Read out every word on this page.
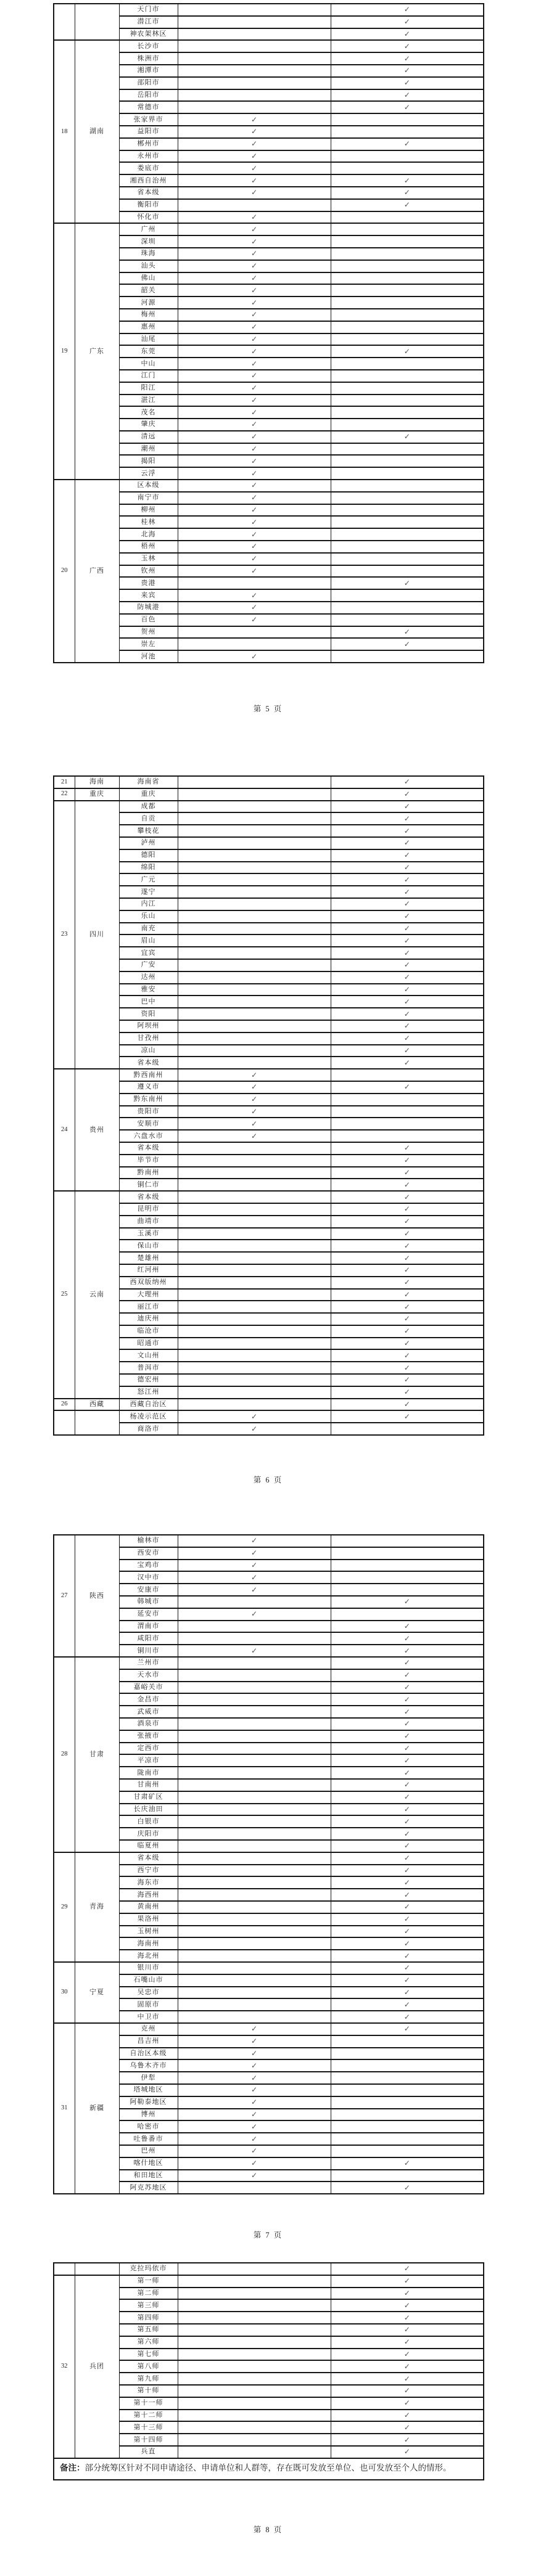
		天门市		✓
		潜江市		✓
		神农架林区		✓
18	湖南	长沙市		✓
		株洲市		✓
		湘潭市		✓
		邵阳市		✓
		岳阳市		✓
		常德市		✓
		张家界市	✓	
		益阳市	✓	
		郴州市	✓	✓
		永州市	✓	
		娄底市	✓	
		湘西自治州	✓	✓
		省本级	✓	✓
		衡阳市		✓
		怀化市	✓	
19	广东	广州	✓	
		深圳	✓	
		珠海	✓	
		汕头	✓	
		佛山	✓	
		韶关	✓	
		河源	✓	
		梅州	✓	
		惠州	✓	
		汕尾	✓	
		东莞	✓	✓
		中山	✓	
		江门	✓	
		阳江	✓	
		湛江	✓	
		茂名	✓	
		肇庆	✓	
		清远	✓	✓
		潮州	✓	
		揭阳	✓	
		云浮	✓	
20	广西	区本级	✓	
		南宁市	✓	
		柳州	✓	
		桂林	✓	
		北海	✓	
		梧州	✓	
		玉林	✓	
		钦州	✓	
		贵港		✓
		来宾	✓	
		防城港	✓	
		百色	✓	
		贺州		✓
		崇左		✓
		河池	✓	
第 5 页
21	海南	海南省		✓
22	重庆	重庆		✓
23	四川	成都		✓
		自贡		✓
		攀枝花		✓
		泸州		✓
		德阳		✓
		绵阳		✓
		广元		✓
		遂宁		✓
		内江		✓
		乐山		✓
		南充		✓
		眉山		✓
		宜宾		✓
		广安		✓
		达州		✓
		雅安		✓
		巴中		✓
		资阳		✓
		阿坝州		✓
		甘孜州		✓
		凉山		✓
		省本级		✓
24	贵州	黔西南州	✓	
		遵义市	✓	✓
		黔东南州	✓	
		贵阳市	✓	
		安顺市	✓	
		六盘水市	✓	
		省本级		✓
		毕节市		✓
		黔南州		✓
		铜仁市		✓
25	云南	省本级		✓
		昆明市		✓
		曲靖市		✓
		玉溪市		✓
		保山市		✓
		楚雄州		✓
		红河州		✓
		西双版纳州		✓
		大理州		✓
		丽江市		✓
		迪庆州		✓
		临沧市		✓
		昭通市		✓
		文山州		✓
		普洱市		✓
		德宏州		✓
		怒江州		✓
26	西藏	西藏自治区		✓
		杨凌示范区	✓	✓
		商洛市	✓	
第 6 页
27	陕西	榆林市	✓	
		西安市	✓	
		宝鸡市	✓	
		汉中市	✓	
		安康市	✓	
		韩城市		✓
		延安市	✓	
		渭南市		✓
		咸阳市		✓
		铜川市	✓	✓
28	甘肃	兰州市		✓
		天水市		✓
		嘉峪关市		✓
		金昌市		✓
		武威市		✓
		酒泉市		✓
		张掖市		✓
		定西市		✓
		平凉市		✓
		陇南市		✓
		甘南州		✓
		甘肃矿区		✓
		长庆油田		✓
		白银市		✓
		庆阳市		✓
		临夏州		✓
29	青海	省本级		✓
		西宁市		✓
		海东市		✓
		海西州		✓
		黄南州		✓
		果洛州		✓
		玉树州		✓
		海南州		✓
		海北州		✓
30	宁夏	银川市		✓
		石嘴山市		✓
		吴忠市		✓
		固原市		✓
		中卫市		✓
31	新疆	克州	✓	✓
		昌吉州	✓	
		自治区本级	✓	
		乌鲁木齐市	✓	
		伊犁	✓	
		塔城地区	✓	
		阿勒泰地区	✓	
		博州	✓	
		哈密市	✓	
		吐鲁番市	✓	
		巴州	✓	
		喀什地区	✓	✓
		和田地区	✓	
		阿克苏地区		✓
第 7 页
		克拉玛依市		✓
32	兵团	第一师		✓
		第二师		✓
		第三师		✓
		第四师		✓
		第五师		✓
		第六师		✓
		第七师		✓
		第八师		✓
		第九师		✓
		第十师		✓
		第十一师		✓
		第十二师		✓
		第十三师		✓
		第十四师		✓
		兵直		✓
备注：部分统筹区针对不同申请途径、申请单位和人群等，存在既可发放至单位、也可发放至个人的情形。				
第 8 页
